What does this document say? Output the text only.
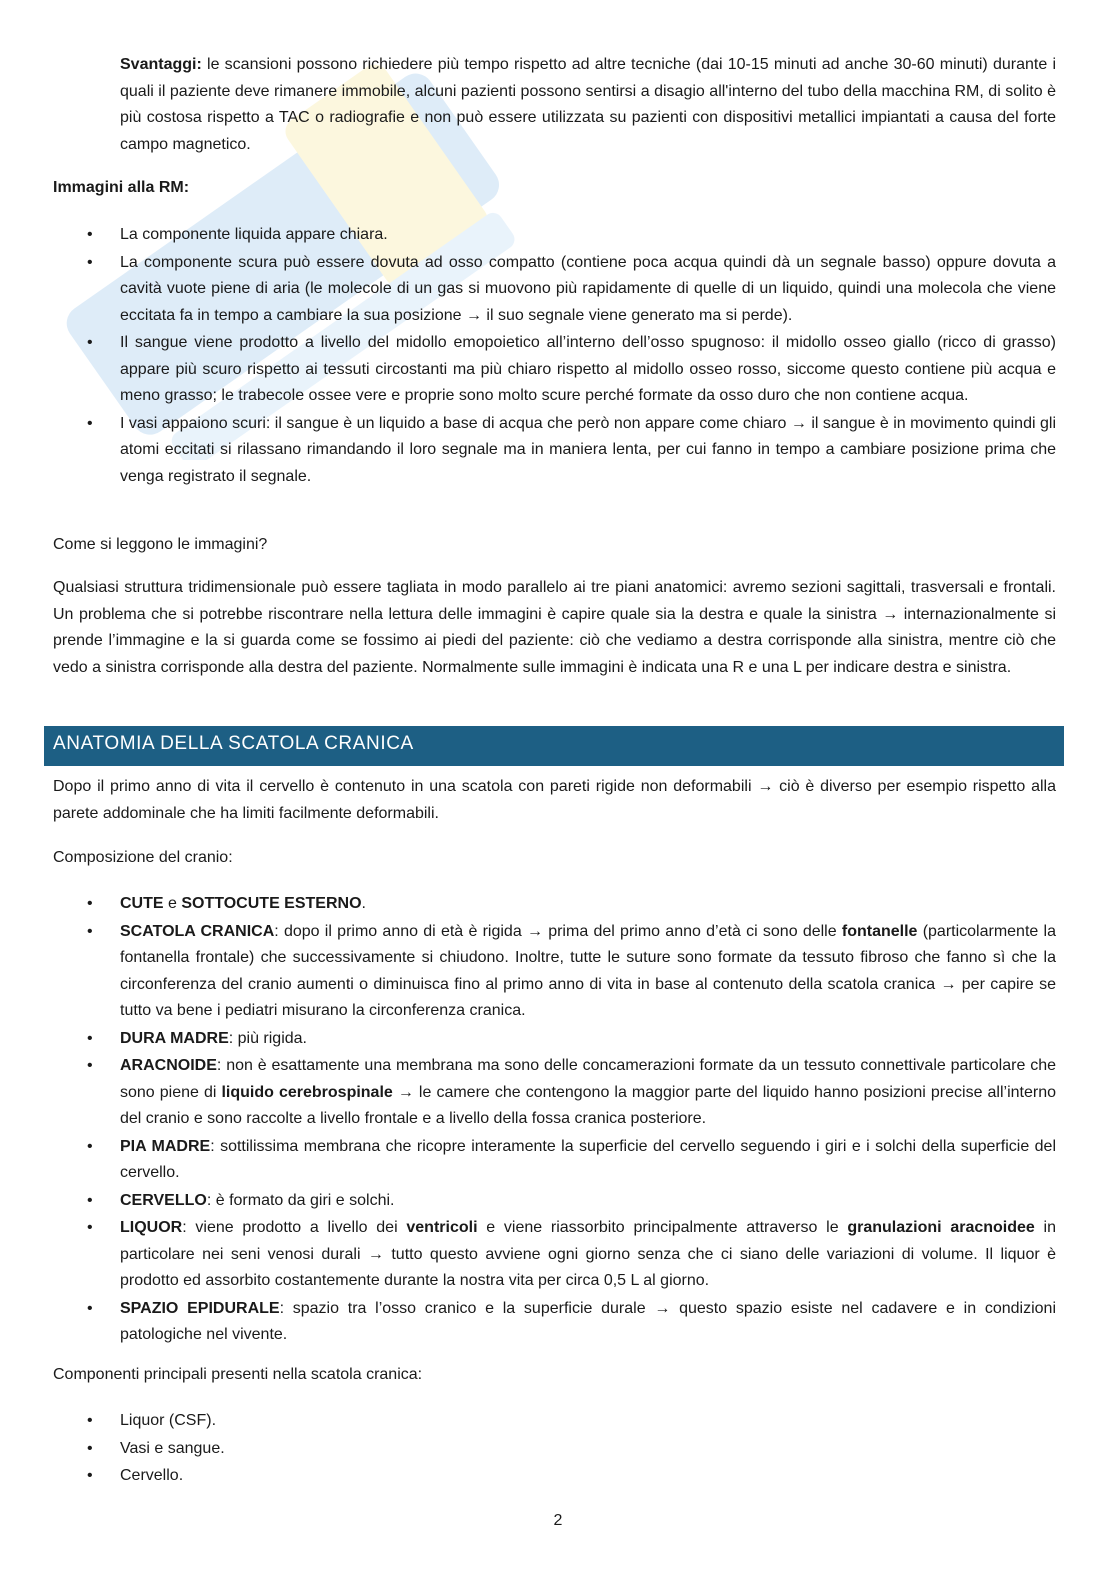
Svantaggi: le scansioni possono richiedere più tempo rispetto ad altre tecniche (dai 10-15 minuti ad anche 30-60 minuti) durante i quali il paziente deve rimanere immobile, alcuni pazienti possono sentirsi a disagio all'interno del tubo della macchina RM, di solito è più costosa rispetto a TAC o radiografie e non può essere utilizzata su pazienti con dispositivi metallici impiantati a causa del forte campo magnetico.

Immagini alla RM:
• La componente liquida appare chiara.
• La componente scura può essere dovuta ad osso compatto (contiene poca acqua quindi dà un segnale basso) oppure dovuta a cavità vuote piene di aria (le molecole di un gas si muovono più rapidamente di quelle di un liquido, quindi una molecola che viene eccitata fa in tempo a cambiare la sua posizione → il suo segnale viene generato ma si perde).
• Il sangue viene prodotto a livello del midollo emopoietico all’interno dell’osso spugnoso: il midollo osseo giallo (ricco di grasso) appare più scuro rispetto ai tessuti circostanti ma più chiaro rispetto al midollo osseo rosso, siccome questo contiene più acqua e meno grasso; le trabecole ossee vere e proprie sono molto scure perché formate da osso duro che non contiene acqua.
• I vasi appaiono scuri: il sangue è un liquido a base di acqua che però non appare come chiaro → il sangue è in movimento quindi gli atomi eccitati si rilassano rimandando il loro segnale ma in maniera lenta, per cui fanno in tempo a cambiare posizione prima che venga registrato il segnale.
Come si leggono le immagini?

Qualsiasi struttura tridimensionale può essere tagliata in modo parallelo ai tre piani anatomici: avremo sezioni sagittali, trasversali e frontali. Un problema che si potrebbe riscontrare nella lettura delle immagini è capire quale sia la destra e quale la sinistra → internazionalmente si prende l’immagine e la si guarda come se fossimo ai piedi del paziente: ciò che vediamo a destra corrisponde alla sinistra, mentre ciò che vedo a sinistra corrisponde alla destra del paziente. Normalmente sulle immagini è indicata una R e una L per indicare destra e sinistra.

ANATOMIA DELLA SCATOLA CRANICA

Dopo il primo anno di vita il cervello è contenuto in una scatola con pareti rigide non deformabili → ciò è diverso per esempio rispetto alla parete addominale che ha limiti facilmente deformabili.

Composizione del cranio:
• CUTE e SOTTOCUTE ESTERNO.
• SCATOLA CRANICA: dopo il primo anno di età è rigida → prima del primo anno d’età ci sono delle fontanelle (particolarmente la fontanella frontale) che successivamente si chiudono. Inoltre, tutte le suture sono formate da tessuto fibroso che fanno sì che la circonferenza del cranio aumenti o diminuisca fino al primo anno di vita in base al contenuto della scatola cranica → per capire se tutto va bene i pediatri misurano la circonferenza cranica.
• DURA MADRE: più rigida.
• ARACNOIDE: non è esattamente una membrana ma sono delle concamerazioni formate da un tessuto connettivale particolare che sono piene di liquido cerebrospinale → le camere che contengono la maggior parte del liquido hanno posizioni precise all’interno del cranio e sono raccolte a livello frontale e a livello della fossa cranica posteriore.
• PIA MADRE: sottilissima membrana che ricopre interamente la superficie del cervello seguendo i giri e i solchi della superficie del cervello.
• CERVELLO: è formato da giri e solchi.
• LIQUOR: viene prodotto a livello dei ventricoli e viene riassorbito principalmente attraverso le granulazioni aracnoidee in particolare nei seni venosi durali → tutto questo avviene ogni giorno senza che ci siano delle variazioni di volume. Il liquor è prodotto ed assorbito costantemente durante la nostra vita per circa 0,5 L al giorno.
• SPAZIO EPIDURALE: spazio tra l’osso cranico e la superficie durale → questo spazio esiste nel cadavere e in condizioni patologiche nel vivente.
Componenti principali presenti nella scatola cranica:
• Liquor (CSF).
• Vasi e sangue.
• Cervello.
2
